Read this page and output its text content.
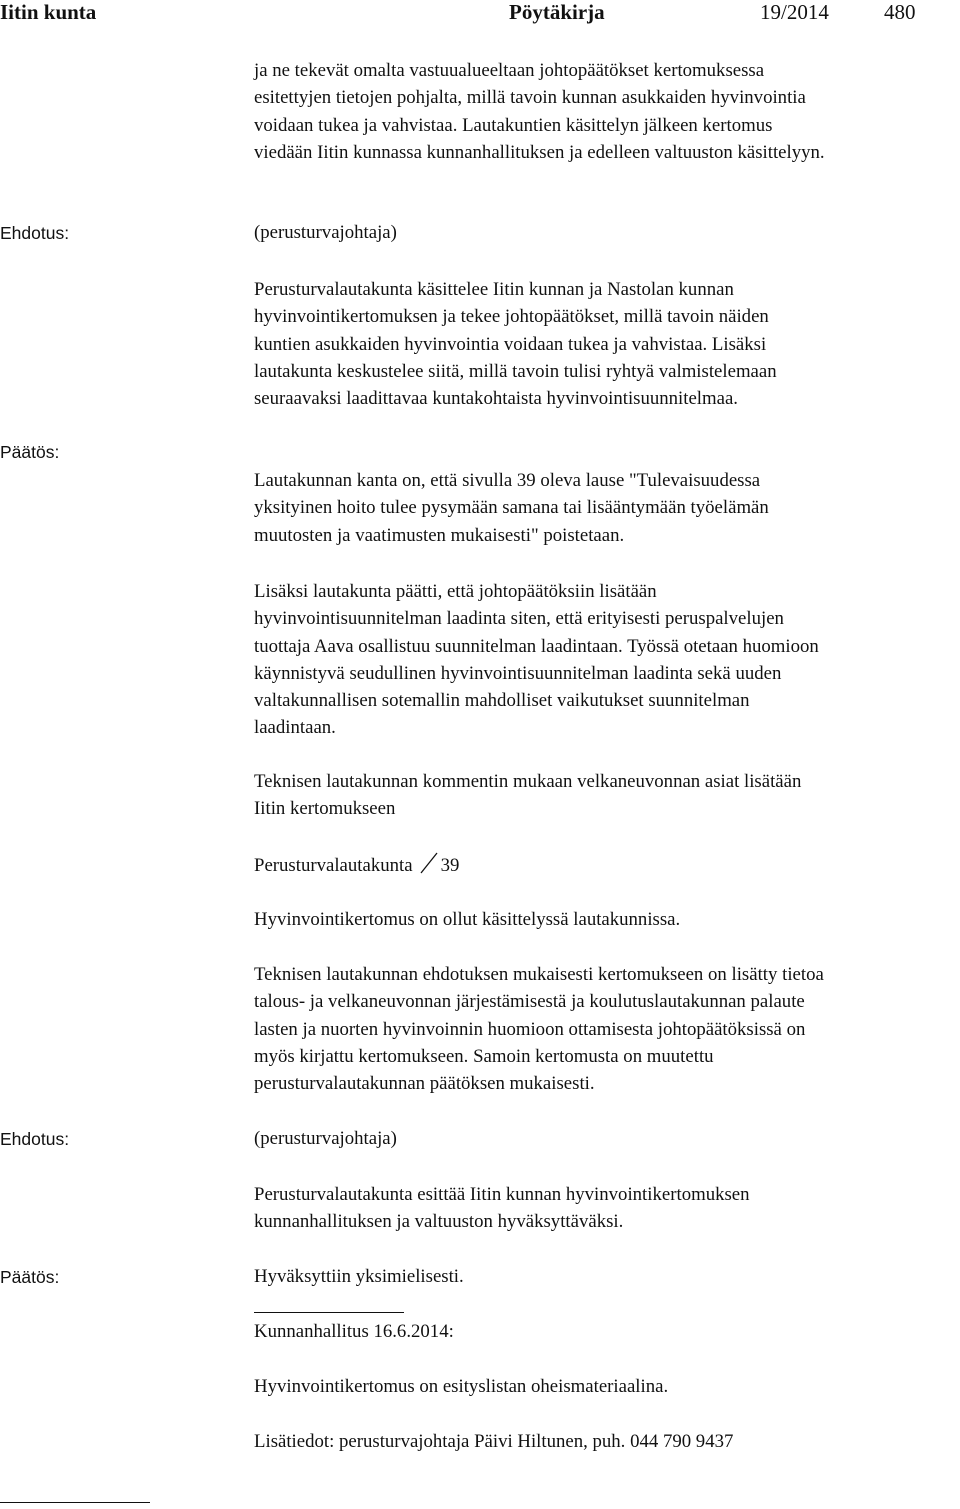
Iitin kunta	Pöytäkirja	19/2014	480
ja ne tekevät omalta vastuualueeltaan johtopäätökset kertomuksessa
esitettyjen tietojen pohjalta, millä tavoin kunnan asukkaiden hyvinvointia
voidaan tukea ja vahvistaa. Lautakuntien käsittelyn jälkeen kertomus
viedään Iitin kunnassa kunnanhallituksen ja edelleen valtuuston käsittelyyn.
Ehdotus:	(perusturvajohtaja)
Perusturvalautakunta käsittelee Iitin kunnan ja Nastolan kunnan
hyvinvointikertomuksen ja tekee johtopäätökset, millä tavoin näiden
kuntien asukkaiden hyvinvointia voidaan tukea ja vahvistaa. Lisäksi
lautakunta keskustelee siitä, millä tavoin tulisi ryhtyä valmistelemaan
seuraavaksi laadittavaa kuntakohtaista hyvinvointisuunnitelmaa.
Päätös:
Lautakunnan kanta on, että sivulla 39 oleva lause "Tulevaisuudessa
yksityinen hoito tulee pysymään samana tai lisääntymään työelämän
muutosten ja vaatimusten mukaisesti" poistetaan.
Lisäksi lautakunta päätti, että johtopäätöksiin lisätään
hyvinvointisuunnitelman laadinta siten, että erityisesti peruspalvelujen
tuottaja Aava osallistuu suunnitelman laadintaan. Työssä otetaan huomioon
käynnistyvä seudullinen hyvinvointisuunnitelman laadinta sekä uuden
valtakunnallisen sotemallin mahdolliset vaikutukset suunnitelman
laadintaan.
Teknisen lautakunnan kommentin mukaan velkaneuvonnan asiat lisätään
Iitin kertomukseen
Perusturvalautakunta 39
Hyvinvointikertomus on ollut käsittelyssä lautakunnissa.
Teknisen lautakunnan ehdotuksen mukaisesti kertomukseen on lisätty tietoa
talous- ja velkaneuvonnan järjestämisestä ja koulutuslautakunnan palaute
lasten ja nuorten hyvinvoinnin huomioon ottamisesta johtopäätöksissä on
myös kirjattu kertomukseen. Samoin kertomusta on muutettu
perusturvalautakunnan päätöksen mukaisesti.
Ehdotus:	(perusturvajohtaja)
Perusturvalautakunta esittää Iitin kunnan hyvinvointikertomuksen
kunnanhallituksen ja valtuuston hyväksyttäväksi.
Päätös:	Hyväksyttiin yksimielisesti.
Kunnanhallitus 16.6.2014:
Hyvinvointikertomus on esityslistan oheismateriaalina.
Lisätiedot: perusturvajohtaja Päivi Hiltunen, puh. 044 790 9437
